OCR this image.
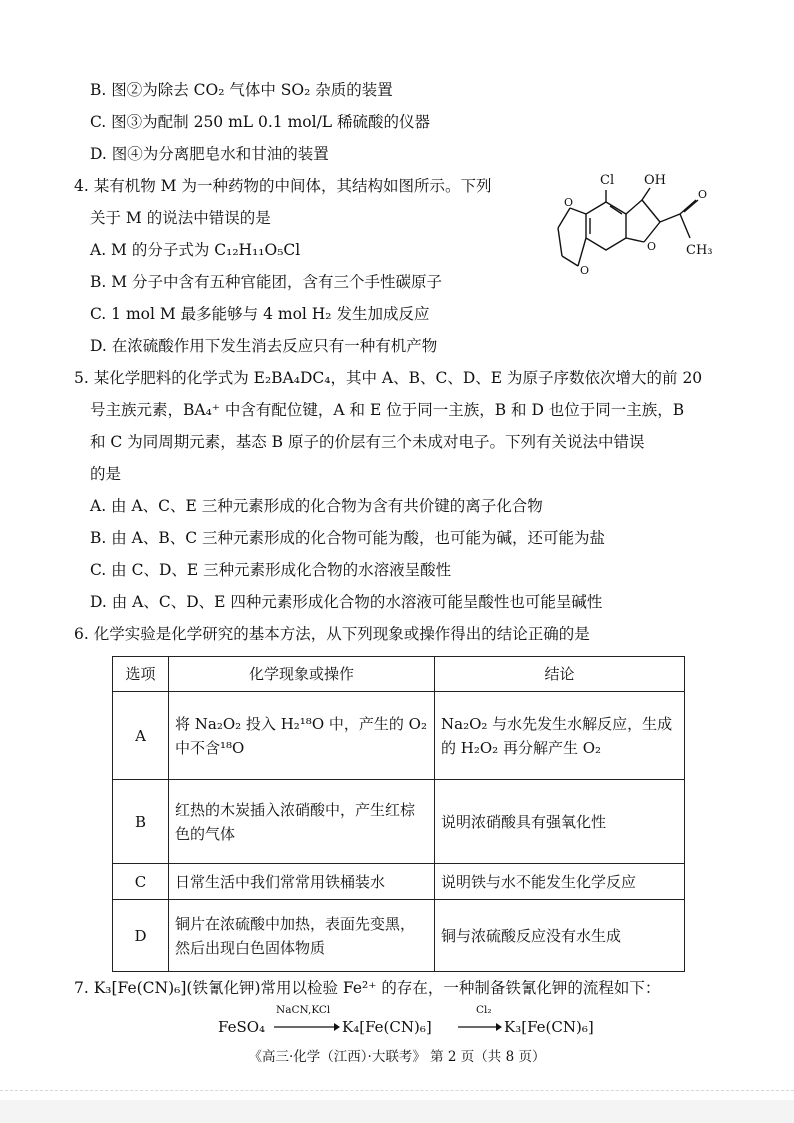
B. 图②为除去 CO₂ 气体中 SO₂ 杂质的装置
C. 图③为配制 250 mL 0.1 mol/L 稀硫酸的仪器
D. 图④为分离肥皂水和甘油的装置
4. 某有机物 M 为一种药物的中间体，其结构如图所示。下列
关于 M 的说法中错误的是
A. M 的分子式为 C₁₂H₁₁O₅Cl
B. M 分子中含有五种官能团，含有三个手性碳原子
C. 1 mol M 最多能够与 4 mol H₂ 发生加成反应
D. 在浓硫酸作用下发生消去反应只有一种有机产物
Cl OH
CH₃
O
O
O
O
5. 某化学肥料的化学式为 E₂BA₄DC₄，其中 A、B、C、D、E 为原子序数依次增大的前 20
号主族元素，BA₄⁺ 中含有配位键，A 和 E 位于同一主族，B 和 D 也位于同一主族，B
和 C 为同周期元素，基态 B 原子的价层有三个未成对电子。下列有关说法中错误
的是
A. 由 A、C、E 三种元素形成的化合物为含有共价键的离子化合物
B. 由 A、B、C 三种元素形成的化合物可能为酸，也可能为碱，还可能为盐
C. 由 C、D、E 三种元素形成化合物的水溶液呈酸性
D. 由 A、C、D、E 四种元素形成化合物的水溶液可能呈酸性也可能呈碱性
6. 化学实验是化学研究的基本方法，从下列现象或操作得出的结论正确的是
选项	化学现象或操作	结论
A	将 Na₂O₂ 投入 H₂¹⁸O 中，产生的 O₂ 中不含¹⁸O	Na₂O₂ 与水先发生水解反应，生成的 H₂O₂ 再分解产生 O₂
B	红热的木炭插入浓硝酸中，产生红棕色的气体	说明浓硝酸具有强氧化性
C	日常生活中我们常常用铁桶装水	说明铁与水不能发生化学反应
D	铜片在浓硫酸中加热，表面先变黑，然后出现白色固体物质	铜与浓硫酸反应没有水生成
7. K₃[Fe(CN)₆](铁氰化钾)常用以检验 Fe²⁺ 的存在，一种制备铁氰化钾的流程如下：
FeSO₄
NaCN,KCl
K₄[Fe(CN)₆]
Cl₂
K₃[Fe(CN)₆]
《高三·化学（江西）·大联考》 第 2 页（共 8 页）
